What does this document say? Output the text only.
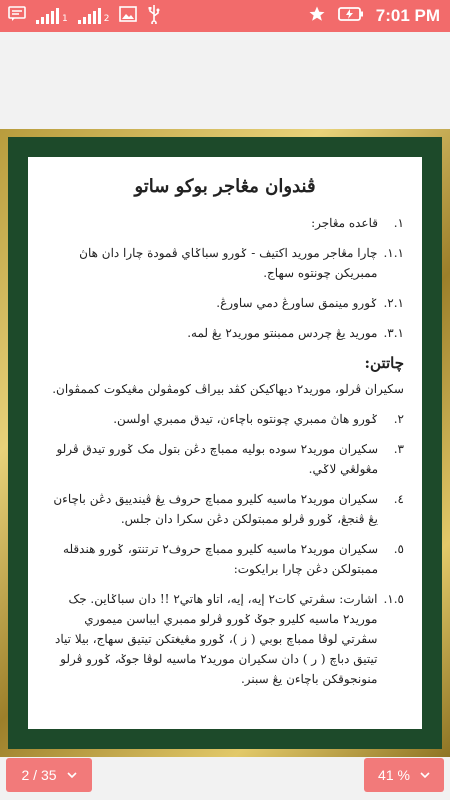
1	2	7:01 PM
ڤندوان مڠاجر بوکو ساتو
١.
قاعده مڠاجر:
١.١.
چارا مڠاجر موريد اکتيف - ݢورو سباݢاي ڤمودة چارا دان هاڽ ممبريکن چونتوه سهاج.
٢.١.
ݢورو مينمق ساورڠ دمي ساورڠ.
٣.١.
موريد يڠ چردس ممبنتو موريد٢ يڠ لمه.
چاتتن:
سکيران ڤرلو، موريد٢ ديهاکيکن کڤد بيراڤ کومڤولن مڠيکوت کممڤوان.
٢.
ݢورو هاڽ ممبري چونتوه باچاءن، تيدق ممبري اولسن.
٣.
سکيران موريد٢ سوده بوليه ممباچ دڠن بتول مک ݢورو تيدق ڤرلو مڠولڠي لاݢي.
٤.
سکيران موريد٢ ماسيه کليرو ممباچ حروف يڠ ڤيندييق دڠن باچاءن يڠ ڤنجڠ، ݢورو ڤرلو ممبتولکن دڠن سکرا دان جلس.
٥.
سکيران موريد٢ ماسيه کليرو ممباچ حروف٢ ترتنتو، ݢورو هندقله ممبتولکن دڠن چارا برايکوت:
١.٥.
اشارت: سڤرتي کات٢ إيه، إيه، اتاو هاتي٢ !! دان سباݢاين. جک موريد٢ ماسيه کليرو جوݢ ݢورو ڤرلو ممبري ايباسن ميموري سڤرتي لوڤا ممباچ بوبي ( ز )، ݢورو مڠيغتکن تيتيق سهاج، بيلا تياد تيتيق دباچ ( ر ) دان سکيران موريد٢ ماسيه لوڤا جوݢ، ݢورو ڤرلو منونجوقکن باچاءن يڠ سبنر.
2 / 35	41 %
